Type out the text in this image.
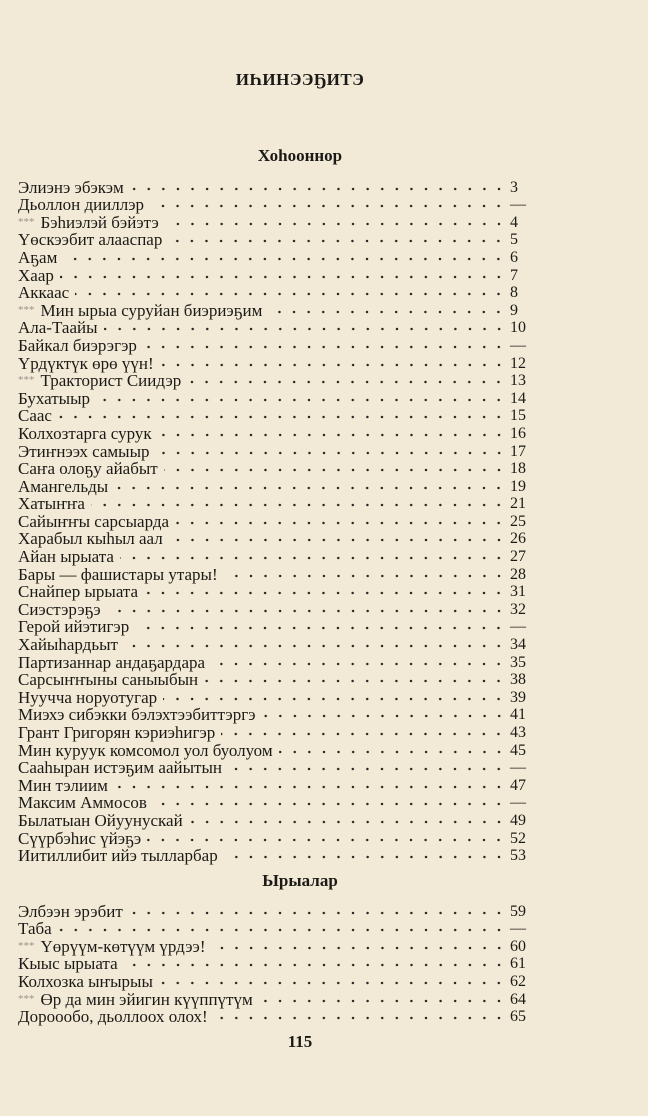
ИҺИНЭЭҔИТЭ
Хоһооннор
Элиэнэ эбэкэм	3
Дьоллон дииллэр	—
*** Бэһиэлэй бэйэтэ	4
Үөскээбит алааспар	5
Аҕам	6
Хаар	7
Аккаас	8
*** Мин ырыа суруйан биэриэҕим	9
Ала-Таайы	10
Байкал биэрэгэр	—
Үрдүктүк өрө үүн!	12
*** Тракторист Сиидэр	13
Бухатыыр	14
Саас	15
Колхозтарга сурук	16
Этиҥнээх самыыр	17
Саҥа олоҕу айабыт	18
Амангельды	19
Хатыҥҥа	21
Сайыҥҥы сарсыарда	25
Харабыл кыһыл аал	26
Айан ырыата	27
Бары — фашистары утары!	28
Снайпер ырыата	31
Сиэстэрэҕэ	32
Герой ийэтигэр	—
Хайыһардьыт	34
Партизаннар андаҕардара	35
Сарсыҥҥыны саныыбын	38
Нуучча норуотугар	39
Миэхэ сибэкки бэлэхтээбиттэргэ	41
Грант Григорян кэриэһигэр	43
Мин куруук комсомол уол буолуом	45
Сааһыран истэҕим аайытын	—
Мин тэлиим	47
Максим Аммосов	—
Былатыан Ойуунускай	49
Сүүрбэһис үйэҕэ	52
Иитиллибит ийэ тылларбар	53
Ырыалар
Элбээн эрэбит	59
Таба	—
*** Үөрүүм-көтүүм үрдээ!	60
Кыыс ырыата	61
Колхозка ыҥырыы	62
*** Өр да мин эйигин күүппүтүм	64
Дороообо, дьоллоох олох!	65
115
